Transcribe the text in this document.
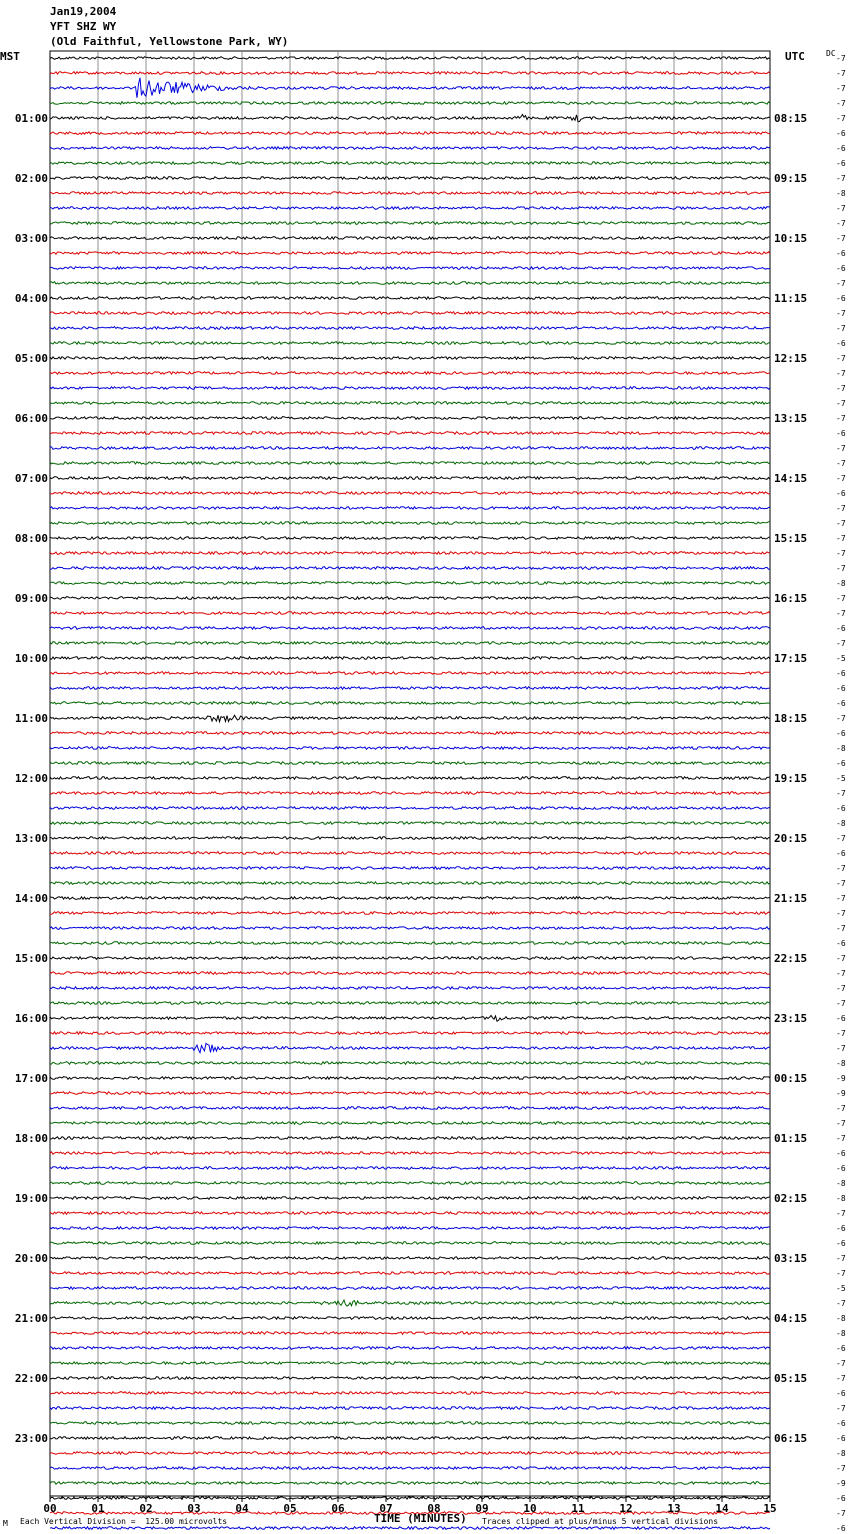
Jan19,2004
YFT SHZ WY
(Old Faithful, Yellowstone Park, WY)
MST	UTC	DC
-7
-7
-7
-7
-7
-6
-6
-6
-7
-8
-7
-7
-7
-6
-6
-7
-6
-7
-7
-6
-7
-7
-7
-7
-7
-6
-7
-7
-7
-6
-7
-7
-7
-7
-7
-8
-7
-7
-6
-7
-5
-6
-6
-6
-7
-6
-8
-6
-5
-7
-6
-8
-7
-6
-7
-7
-7
-7
-7
-6
-7
-7
-7
-7
-6
-7
-7
-8
-9
-9
-7
-7
-7
-6
-6
-8
-8
-7
-6
-6
-7
-7
-5
-7
-8
-8
-6
-7
-7
-6
-7
-6
-6
-8
-7
-9
-6
-7
-6
01:00	08:15
02:00	09:15
03:00	10:15
04:00	11:15
05:00	12:15
06:00	13:15
07:00	14:15
08:00	15:15
09:00	16:15
10:00	17:15
11:00	18:15
12:00	19:15
13:00	20:15
14:00	21:15
15:00	22:15
16:00	23:15
17:00	00:15
18:00	01:15
19:00	02:15
20:00	03:15
21:00	04:15
22:00	05:15
23:00	06:15
00	01	02	03	04	05	06	07	08	09	10	11	12	13	14	15
M Each Vertical Division =  125.00 microvolts	TIME (MINUTES) Traces clipped at plus/minus 5 vertical divisions
